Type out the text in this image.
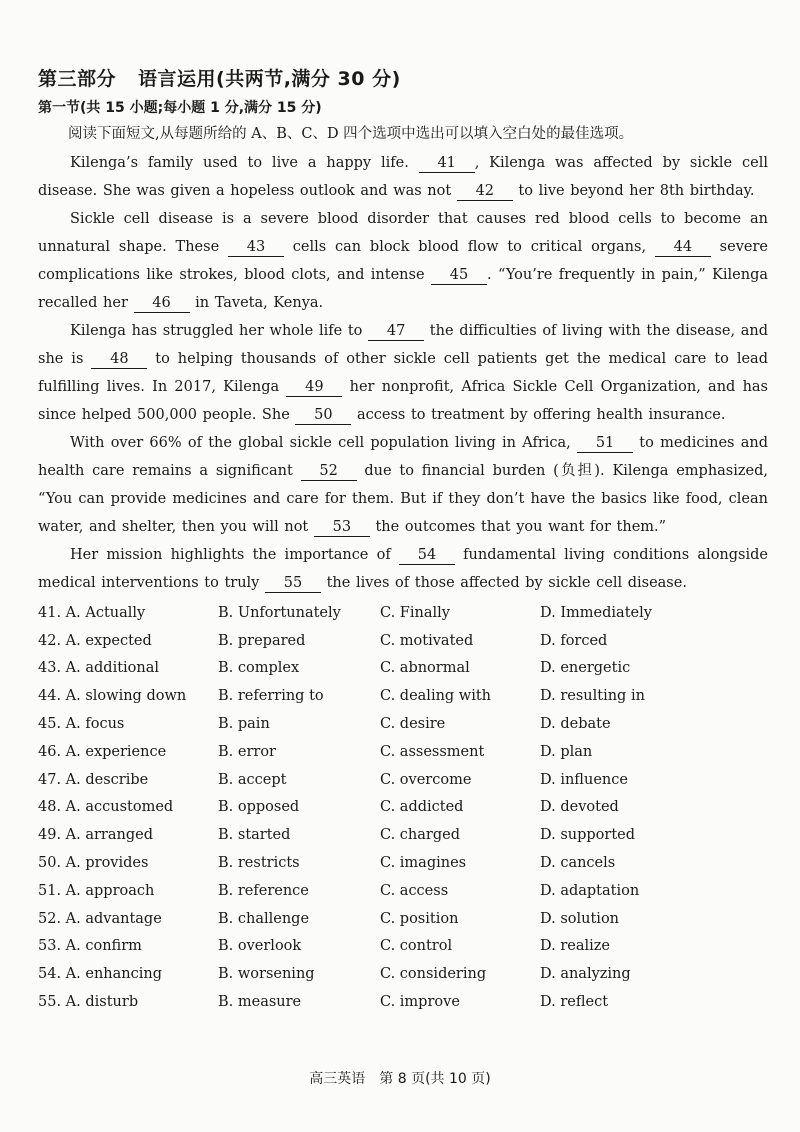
第三部分 语言运用(共两节,满分 30 分)
第一节(共 15 小题;每小题 1 分,满分 15 分)

阅读下面短文,从每题所给的 A、B、C、D 四个选项中选出可以填入空白处的最佳选项。

Kilenga’s family used to live a happy life. 41 , Kilenga was affected by sickle cell disease. She was given a hopeless outlook and was not 42 to live beyond her 8th birthday.

Sickle cell disease is a severe blood disorder that causes red blood cells to become an unnatural shape. These 43 cells can block blood flow to critical organs, 44 severe complications like strokes, blood clots, and intense 45 . “You’re frequently in pain,” Kilenga recalled her 46 in Taveta, Kenya.

Kilenga has struggled her whole life to 47 the difficulties of living with the disease, and she is 48 to helping thousands of other sickle cell patients get the medical care to lead fulfilling lives. In 2017, Kilenga 49 her nonprofit, Africa Sickle Cell Organization, and has since helped 500,000 people. She 50 access to treatment by offering health insurance.

With over 66% of the global sickle cell population living in Africa, 51 to medicines and health care remains a significant 52 due to financial burden (负担). Kilenga emphasized, “You can provide medicines and care for them. But if they don’t have the basics like food, clean water, and shelter, then you will not 53 the outcomes that you want for them.”

Her mission highlights the importance of 54 fundamental living conditions alongside medical interventions to truly 55 the lives of those affected by sickle cell disease.

41. A. Actually	B. Unfortunately	C. Finally	D. Immediately
42. A. expected	B. prepared	C. motivated	D. forced
43. A. additional	B. complex	C. abnormal	D. energetic
44. A. slowing down	B. referring to	C. dealing with	D. resulting in
45. A. focus	B. pain	C. desire	D. debate
46. A. experience	B. error	C. assessment	D. plan
47. A. describe	B. accept	C. overcome	D. influence
48. A. accustomed	B. opposed	C. addicted	D. devoted
49. A. arranged	B. started	C. charged	D. supported
50. A. provides	B. restricts	C. imagines	D. cancels
51. A. approach	B. reference	C. access	D. adaptation
52. A. advantage	B. challenge	C. position	D. solution
53. A. confirm	B. overlook	C. control	D. realize
54. A. enhancing	B. worsening	C. considering	D. analyzing
55. A. disturb	B. measure	C. improve	D. reflect
高三英语　第 8 页(共 10 页)
